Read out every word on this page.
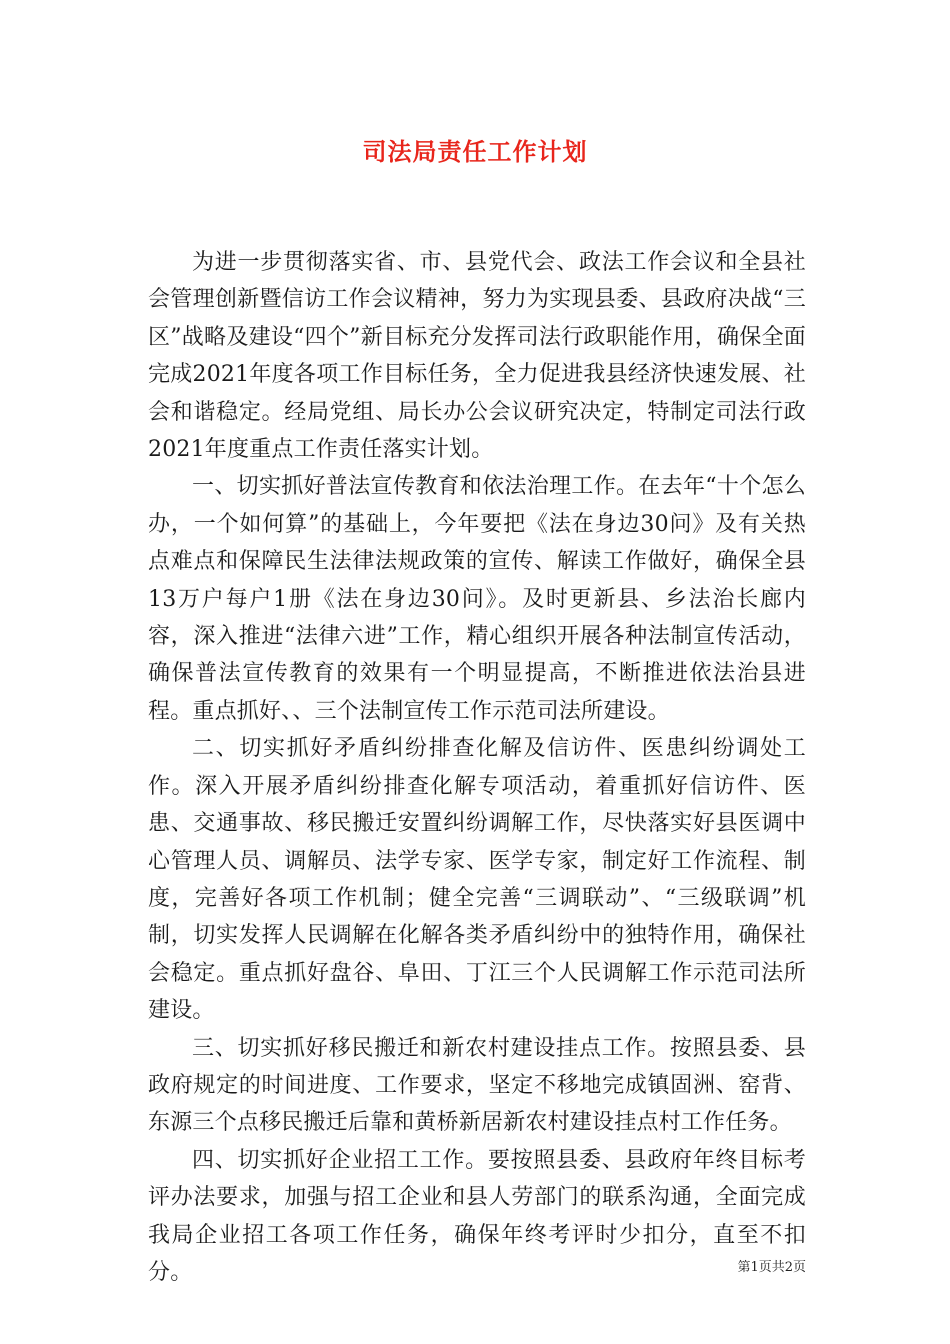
司法局责任工作计划

为进一步贯彻落实省、市、县党代会、政法工作会议和全县社会管理创新暨信访工作会议精神，努力为实现县委、县政府决战“三区”战略及建设“四个”新目标充分发挥司法行政职能作用，确保全面完成2021年度各项工作目标任务，全力促进我县经济快速发展、社会和谐稳定。经局党组、局长办公会议研究决定，特制定司法行政2021年度重点工作责任落实计划。

一、切实抓好普法宣传教育和依法治理工作。在去年“十个怎么办，一个如何算”的基础上，今年要把《法在身边30问》及有关热点难点和保障民生法律法规政策的宣传、解读工作做好，确保全县13万户每户1册《法在身边30问》。及时更新县、乡法治长廊内容，深入推进“法律六进”工作，精心组织开展各种法制宣传活动，确保普法宣传教育的效果有一个明显提高，不断推进依法治县进程。重点抓好、、三个法制宣传工作示范司法所建设。

二、切实抓好矛盾纠纷排查化解及信访件、医患纠纷调处工作。深入开展矛盾纠纷排查化解专项活动，着重抓好信访件、医患、交通事故、移民搬迁安置纠纷调解工作，尽快落实好县医调中心管理人员、调解员、法学专家、医学专家，制定好工作流程、制度，完善好各项工作机制；健全完善“三调联动”、“三级联调”机制，切实发挥人民调解在化解各类矛盾纠纷中的独特作用，确保社会稳定。重点抓好盘谷、阜田、丁江三个人民调解工作示范司法所建设。

三、切实抓好移民搬迁和新农村建设挂点工作。按照县委、县政府规定的时间进度、工作要求，坚定不移地完成镇固洲、窑背、东源三个点移民搬迁后靠和黄桥新居新农村建设挂点村工作任务。

四、切实抓好企业招工工作。要按照县委、县政府年终目标考评办法要求，加强与招工企业和县人劳部门的联系沟通，全面完成我局企业招工各项工作任务，确保年终考评时少扣分，直至不扣分。	第1页共2页
